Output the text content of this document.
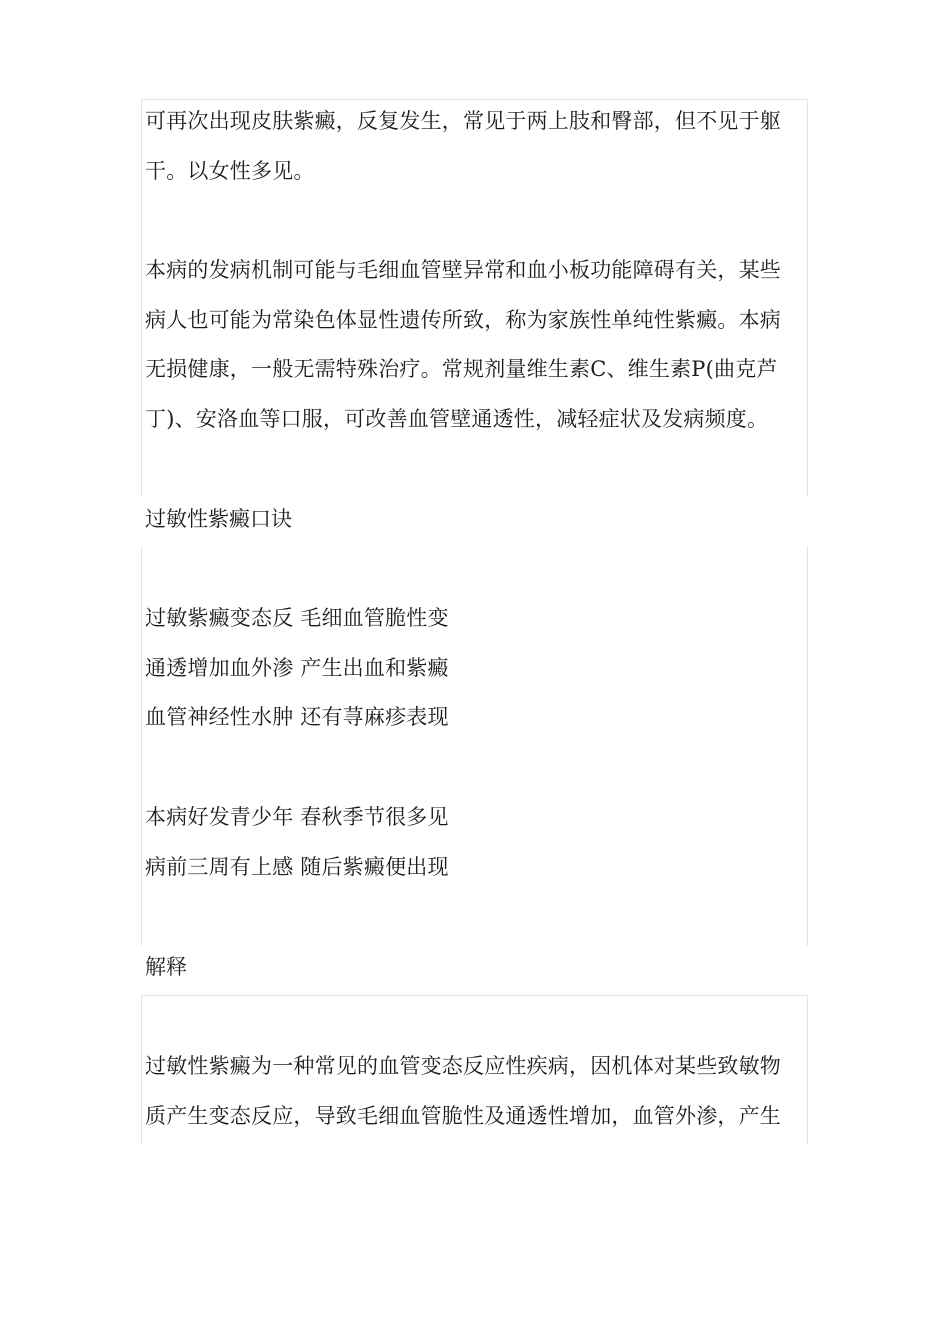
可再次出现皮肤紫癜，反复发生，常见于两上肢和臀部，但不见于躯
干。以女性多见。
本病的发病机制可能与毛细血管壁异常和血小板功能障碍有关，某些
病人也可能为常染色体显性遗传所致，称为家族性单纯性紫癜。本病
无损健康，一般无需特殊治疗。常规剂量维生素C、维生素P(曲克芦
丁)、安洛血等口服，可改善血管壁通透性，减轻症状及发病频度。
过敏性紫癜口诀
过敏紫癜变态反 毛细血管脆性变
通透增加血外渗 产生出血和紫癜
血管神经性水肿 还有荨麻疹表现
本病好发青少年 春秋季节很多见
病前三周有上感 随后紫癜便出现
解释
过敏性紫癜为一种常见的血管变态反应性疾病，因机体对某些致敏物
质产生变态反应，导致毛细血管脆性及通透性增加，血管外渗，产生
